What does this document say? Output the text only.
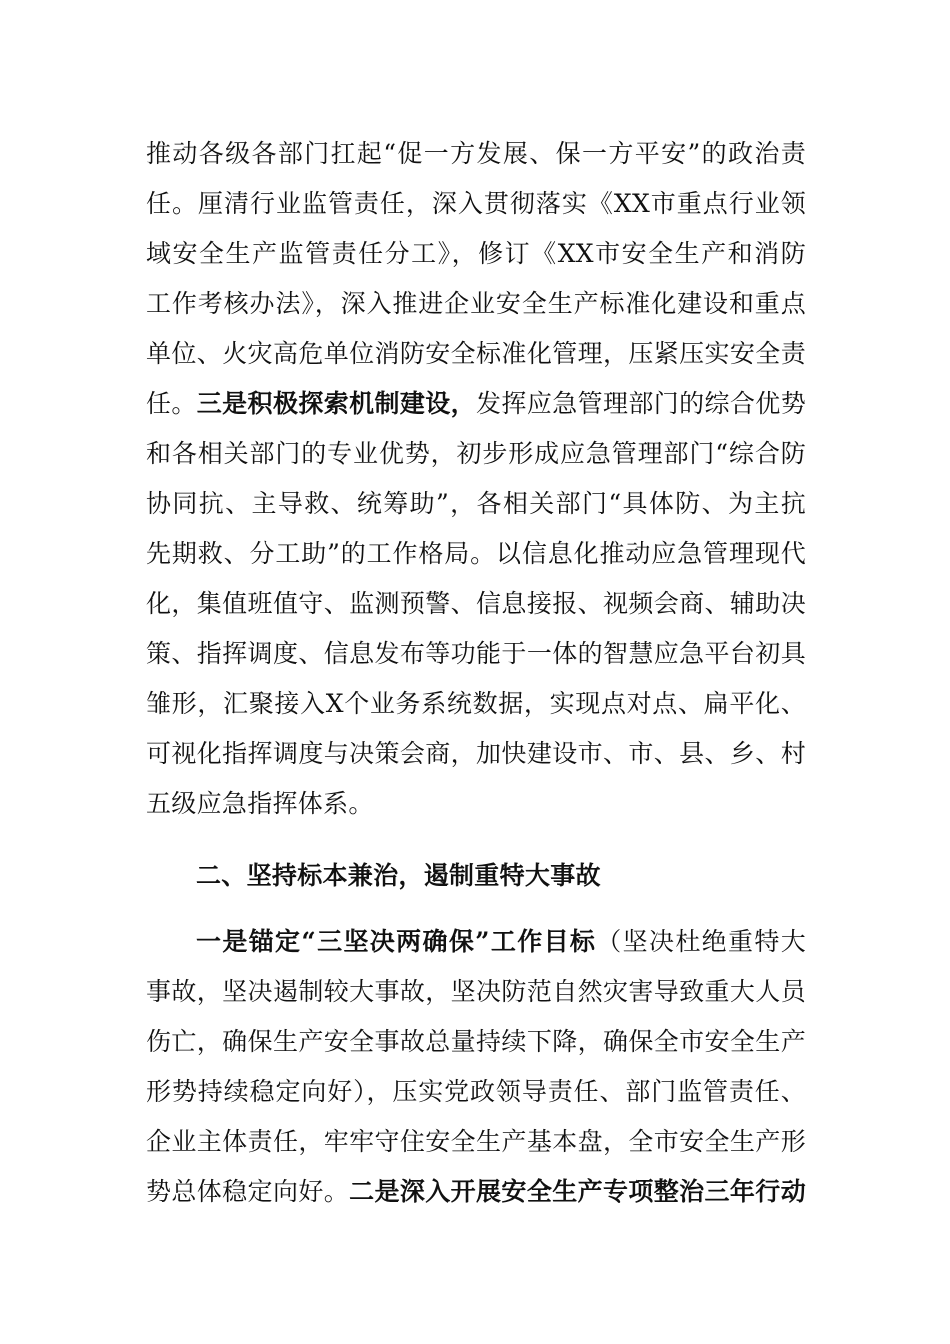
推动各级各部门扛起“促一方发展、保一方平安”的政治责
任。厘清行业监管责任，深入贯彻落实《XX市重点行业领
域安全生产监管责任分工》，修订《XX市安全生产和消防
工作考核办法》，深入推进企业安全生产标准化建设和重点
单位、火灾高危单位消防安全标准化管理，压紧压实安全责
任。三是积极探索机制建设，发挥应急管理部门的综合优势
和各相关部门的专业优势，初步形成应急管理部门“综合防
协同抗、主导救、统筹助”，各相关部门“具体防、为主抗
先期救、分工助”的工作格局。以信息化推动应急管理现代
化，集值班值守、监测预警、信息接报、视频会商、辅助决
策、指挥调度、信息发布等功能于一体的智慧应急平台初具
雏形，汇聚接入X个业务系统数据，实现点对点、扁平化、
可视化指挥调度与决策会商，加快建设市、市、县、乡、村
五级应急指挥体系。
二、坚持标本兼治，遏制重特大事故
一是锚定“三坚决两确保”工作目标（坚决杜绝重特大
事故，坚决遏制较大事故，坚决防范自然灾害导致重大人员
伤亡，确保生产安全事故总量持续下降，确保全市安全生产
形势持续稳定向好），压实党政领导责任、部门监管责任、
企业主体责任，牢牢守住安全生产基本盘，全市安全生产形
势总体稳定向好。二是深入开展安全生产专项整治三年行动
